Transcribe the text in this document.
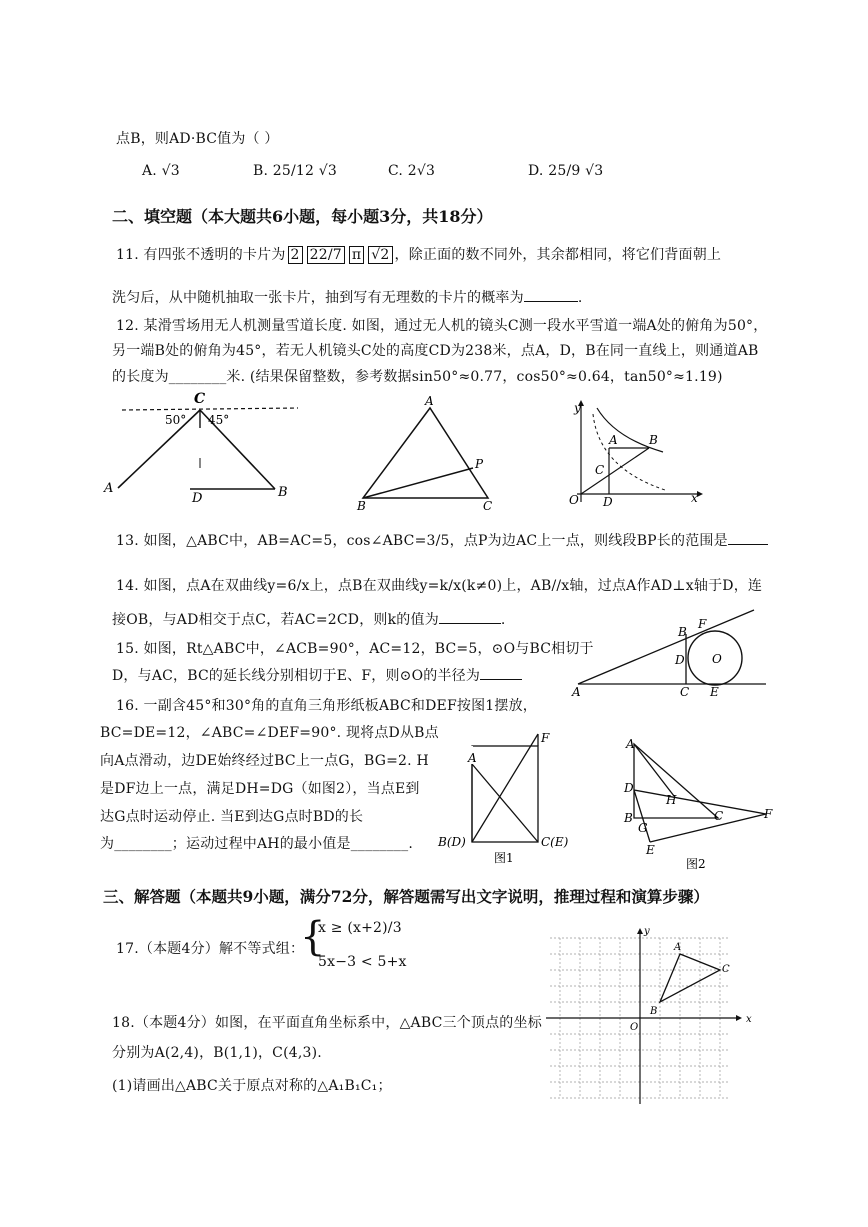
点B，则AD·BC值为（ ）
A. √3	B. 25/12 √3	C. 2√3	D. 25/9 √3
二、填空题（本大题共6小题，每小题3分，共18分）
11. 有四张不透明的卡片为 2 22/7 π √2 ，除正面的数不同外，其余都相同，将它们背面朝上
洗匀后，从中随机抽取一张卡片，抽到写有无理数的卡片的概率为	.
12. 某滑雪场用无人机测量雪道长度. 如图，通过无人机的镜头C测一段水平雪道一端A处的俯角为50°，
另一端B处的俯角为45°，若无人机镜头C处的高度CD为238米，点A，D，B在同一直线上，则通道AB
的长度为________米. (结果保留整数，参考数据sin50°≈0.77，cos50°≈0.64，tan50°≈1.19)
C
50° 45°
A
D	B
A
B	C
P
y
x
A	B
C
O D
13. 如图，△ABC中，AB=AC=5，cos∠ABC=3/5，点P为边AC上一点，则线段BP长的范围是
14. 如图，点A在双曲线y=6/x上，点B在双曲线y=k/x(k≠0)上，AB//x轴，过点A作AD⊥x轴于D，连
接OB，与AD相交于点C，若AC=2CD，则k的值为	.
15. 如图，Rt△ABC中，∠ACB=90°，AC=12，BC=5，⊙O与BC相切于
D，与AC，BC的延长线分别相切于E、F，则⊙O的半径为
A	C E
B
F
D O
16. 一副含45°和30°角的直角三角形纸板ABC和DEF按图1摆放，
BC=DE=12，∠ABC=∠DEF=90°. 现将点D从B点
向A点滑动，边DE始终经过BC上一点G，BG=2. H
是DF边上一点，满足DH=DG（如图2），当点E到
达G点时运动停止. 当E到达G点时BD的长
为________；运动过程中AH的最小值是________.
A
F
B(D)	C(E)
图1
A
D
H
B
G
C	F
E
图2
三、解答题（本题共9小题，满分72分，解答题需写出文字说明，推理过程和演算步骤）
17.（本题4分）解不等式组：
{
x ≥ (x+2)/3
5x−3 < 5+x
18.（本题4分）如图，在平面直角坐标系中，△ABC三个顶点的坐标
分别为A(2,4)，B(1,1)，C(4,3).
(1)请画出△ABC关于原点对称的△A₁B₁C₁；
x
y
O
A
B
C
